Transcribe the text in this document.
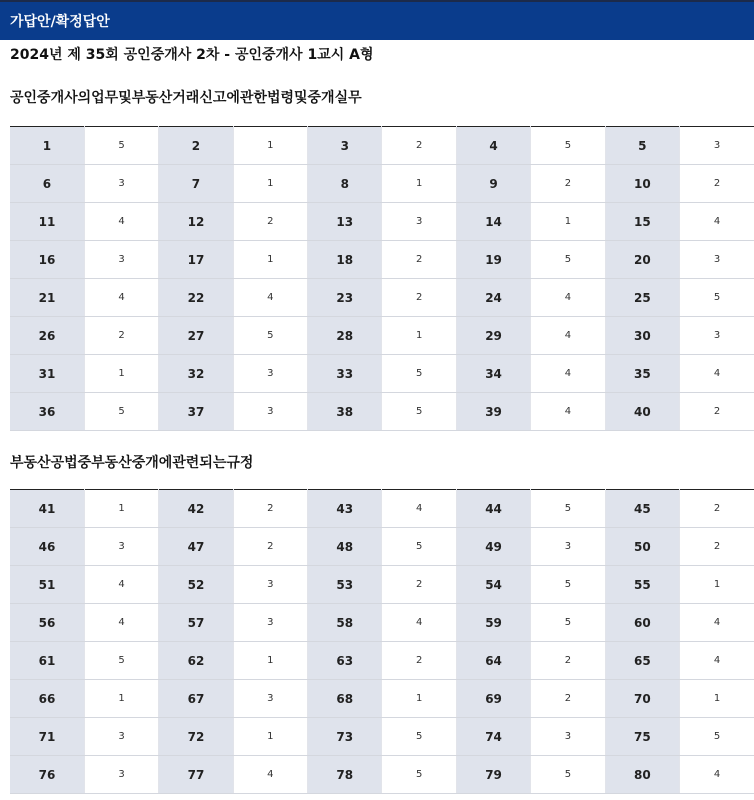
가답안/확정답안
2024년 제 35회 공인중개사 2차 - 공인중개사 1교시 A형
공인중개사의업무및부동산거래신고에관한법령및중개실무
1	5	2	1	3	2	4	5	5	3
6	3	7	1	8	1	9	2	10	2
11	4	12	2	13	3	14	1	15	4
16	3	17	1	18	2	19	5	20	3
21	4	22	4	23	2	24	4	25	5
26	2	27	5	28	1	29	4	30	3
31	1	32	3	33	5	34	4	35	4
36	5	37	3	38	5	39	4	40	2
부동산공법중부동산중개에관련되는규정
41	1	42	2	43	4	44	5	45	2
46	3	47	2	48	5	49	3	50	2
51	4	52	3	53	2	54	5	55	1
56	4	57	3	58	4	59	5	60	4
61	5	62	1	63	2	64	2	65	4
66	1	67	3	68	1	69	2	70	1
71	3	72	1	73	5	74	3	75	5
76	3	77	4	78	5	79	5	80	4
